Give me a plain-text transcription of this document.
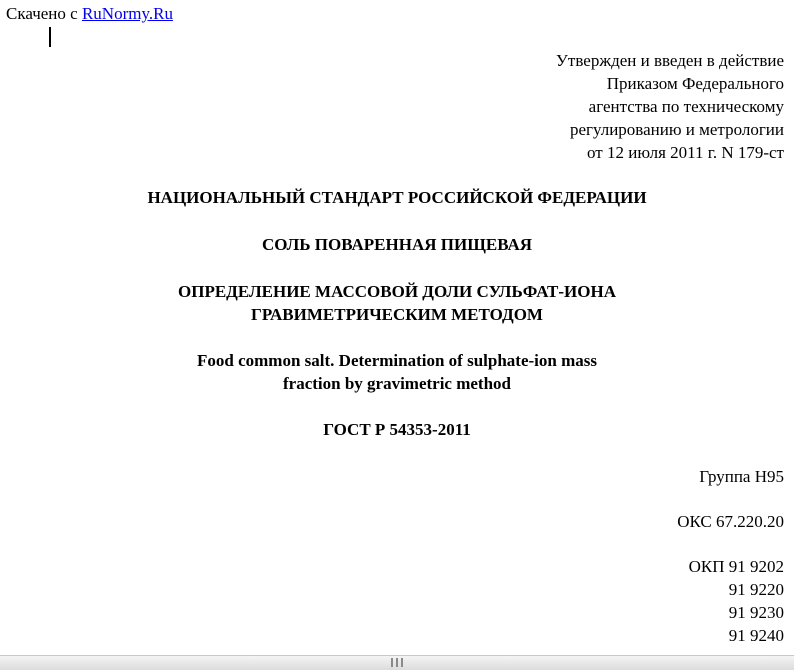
Скачено с RuNormy.Ru
Утвержден и введен в действие
Приказом Федерального
агентства по техническому
регулированию и метрологии
от 12 июля 2011 г. N 179-ст
НАЦИОНАЛЬНЫЙ СТАНДАРТ РОССИЙСКОЙ ФЕДЕРАЦИИ
СОЛЬ ПОВАРЕННАЯ ПИЩЕВАЯ
ОПРЕДЕЛЕНИЕ МАССОВОЙ ДОЛИ СУЛЬФАТ-ИОНА
ГРАВИМЕТРИЧЕСКИМ МЕТОДОМ
Food common salt. Determination of sulphate-ion mass
fraction by gravimetric method
ГОСТ Р 54353-2011
Группа Н95
ОКС 67.220.20
ОКП 91 9202
91 9220
91 9230
91 9240
